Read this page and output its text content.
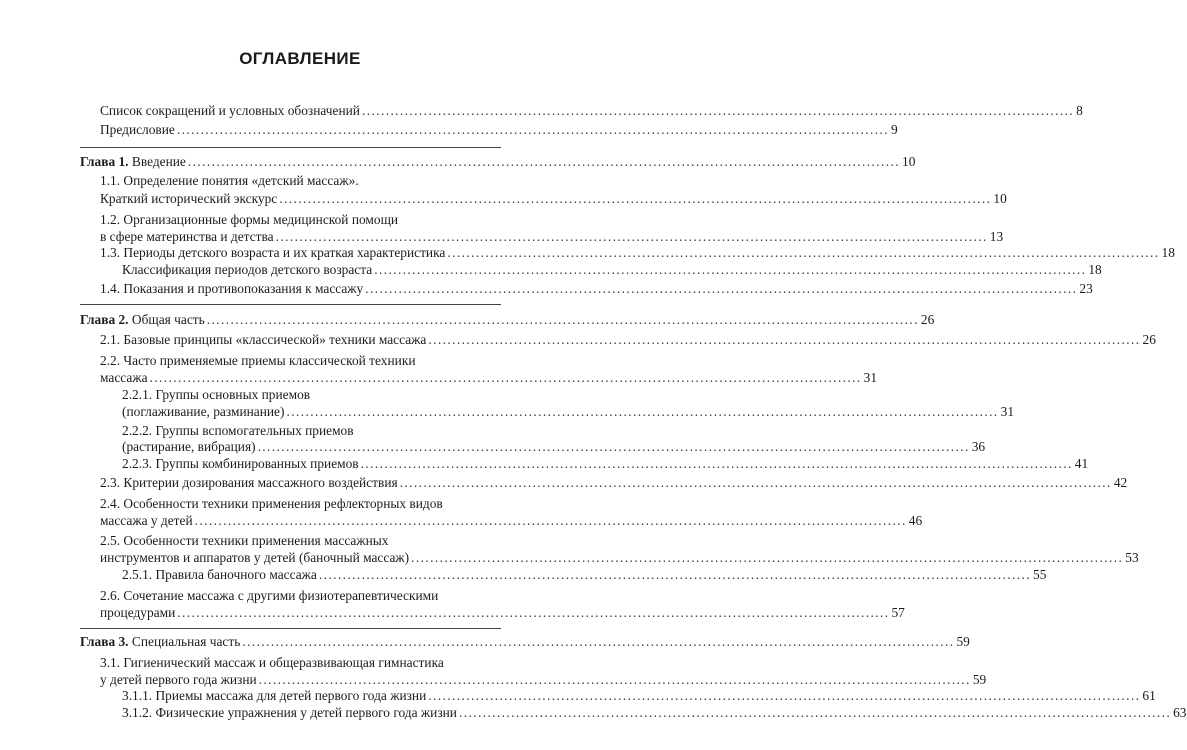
ОГЛАВЛЕНИЕ
Список сокращений и условных обозначений ...................................................................................................................................................... 8
Предисловие ...................................................................................................................................................... 9
Глава 1. Введение ...................................................................................................................................................... 10
1.1. Определение понятия «детский массаж».
Краткий исторический экскурс ...................................................................................................................................................... 10
1.2. Организационные формы медицинской помощи
в сфере материнства и детства ...................................................................................................................................................... 13
1.3. Периоды детского возраста и их краткая характеристика ...................................................................................................................................................... 18
Классификация периодов детского возраста ...................................................................................................................................................... 18
1.4. Показания и противопоказания к массажу ...................................................................................................................................................... 23
Глава 2. Общая часть ...................................................................................................................................................... 26
2.1. Базовые принципы «классической» техники массажа ...................................................................................................................................................... 26
2.2. Часто применяемые приемы классической техники
массажа ...................................................................................................................................................... 31
2.2.1. Группы основных приемов
(поглаживание, разминание) ...................................................................................................................................................... 31
2.2.2. Группы вспомогательных приемов
(растирание, вибрация) ...................................................................................................................................................... 36
2.2.3. Группы комбинированных приемов ...................................................................................................................................................... 41
2.3. Критерии дозирования массажного воздействия ...................................................................................................................................................... 42
2.4. Особенности техники применения рефлекторных видов
массажа у детей ...................................................................................................................................................... 46
2.5. Особенности техники применения массажных
инструментов и аппаратов у детей (баночный массаж) ...................................................................................................................................................... 53
2.5.1. Правила баночного массажа ...................................................................................................................................................... 55
2.6. Сочетание массажа с другими физиотерапевтическими
процедурами ...................................................................................................................................................... 57
Глава 3. Специальная часть ...................................................................................................................................................... 59
3.1. Гигиенический массаж и общеразвивающая гимнастика
у детей первого года жизни ...................................................................................................................................................... 59
3.1.1. Приемы массажа для детей первого года жизни ...................................................................................................................................................... 61
3.1.2. Физические упражнения у детей первого года жизни ...................................................................................................................................................... 63
